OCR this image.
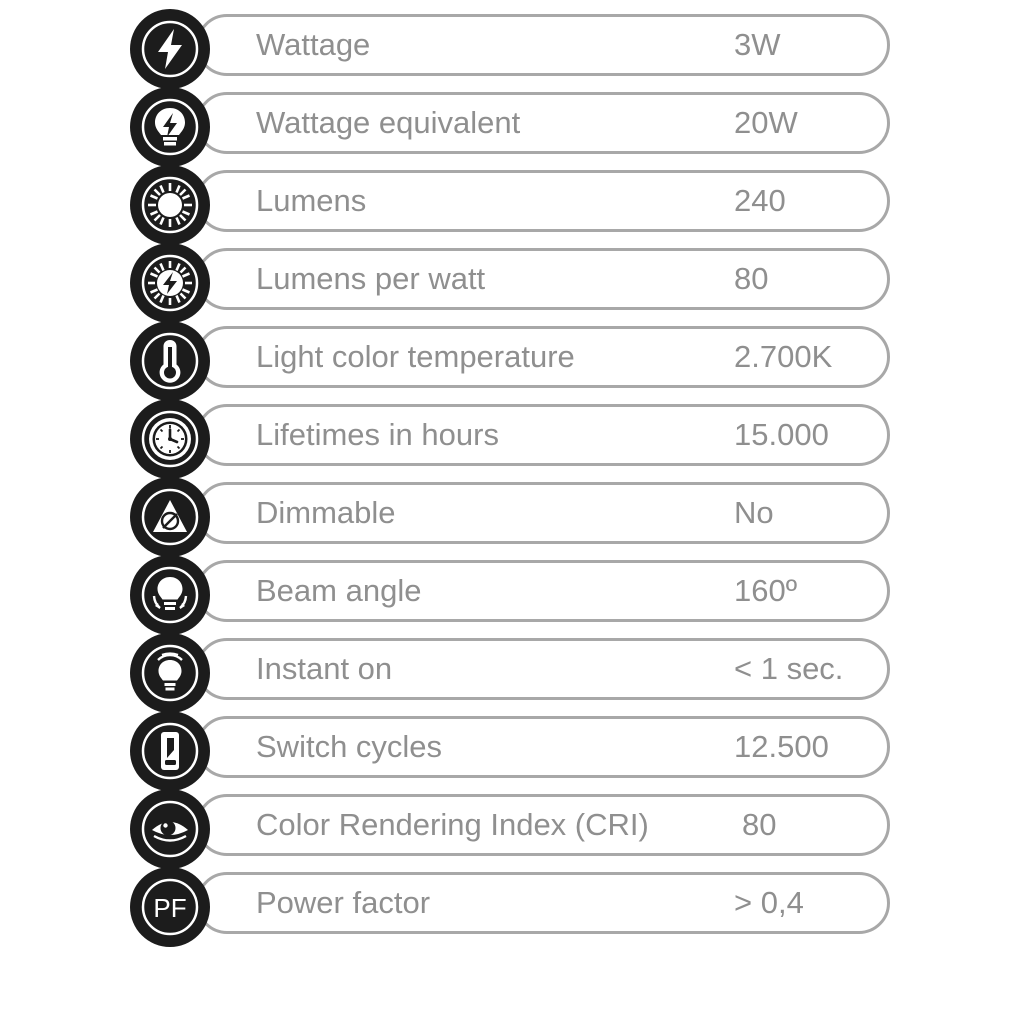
Wattage	3W
Wattage equivalent	20W
Lumens	240
Lumens per watt	80
Light color temperature	2.700K
Lifetimes in hours	15.000
Dimmable	No
Beam angle	160º
Instant on	< 1 sec.
Switch cycles	12.500
Color Rendering Index (CRI)	80
PF Power factor	> 0,4
